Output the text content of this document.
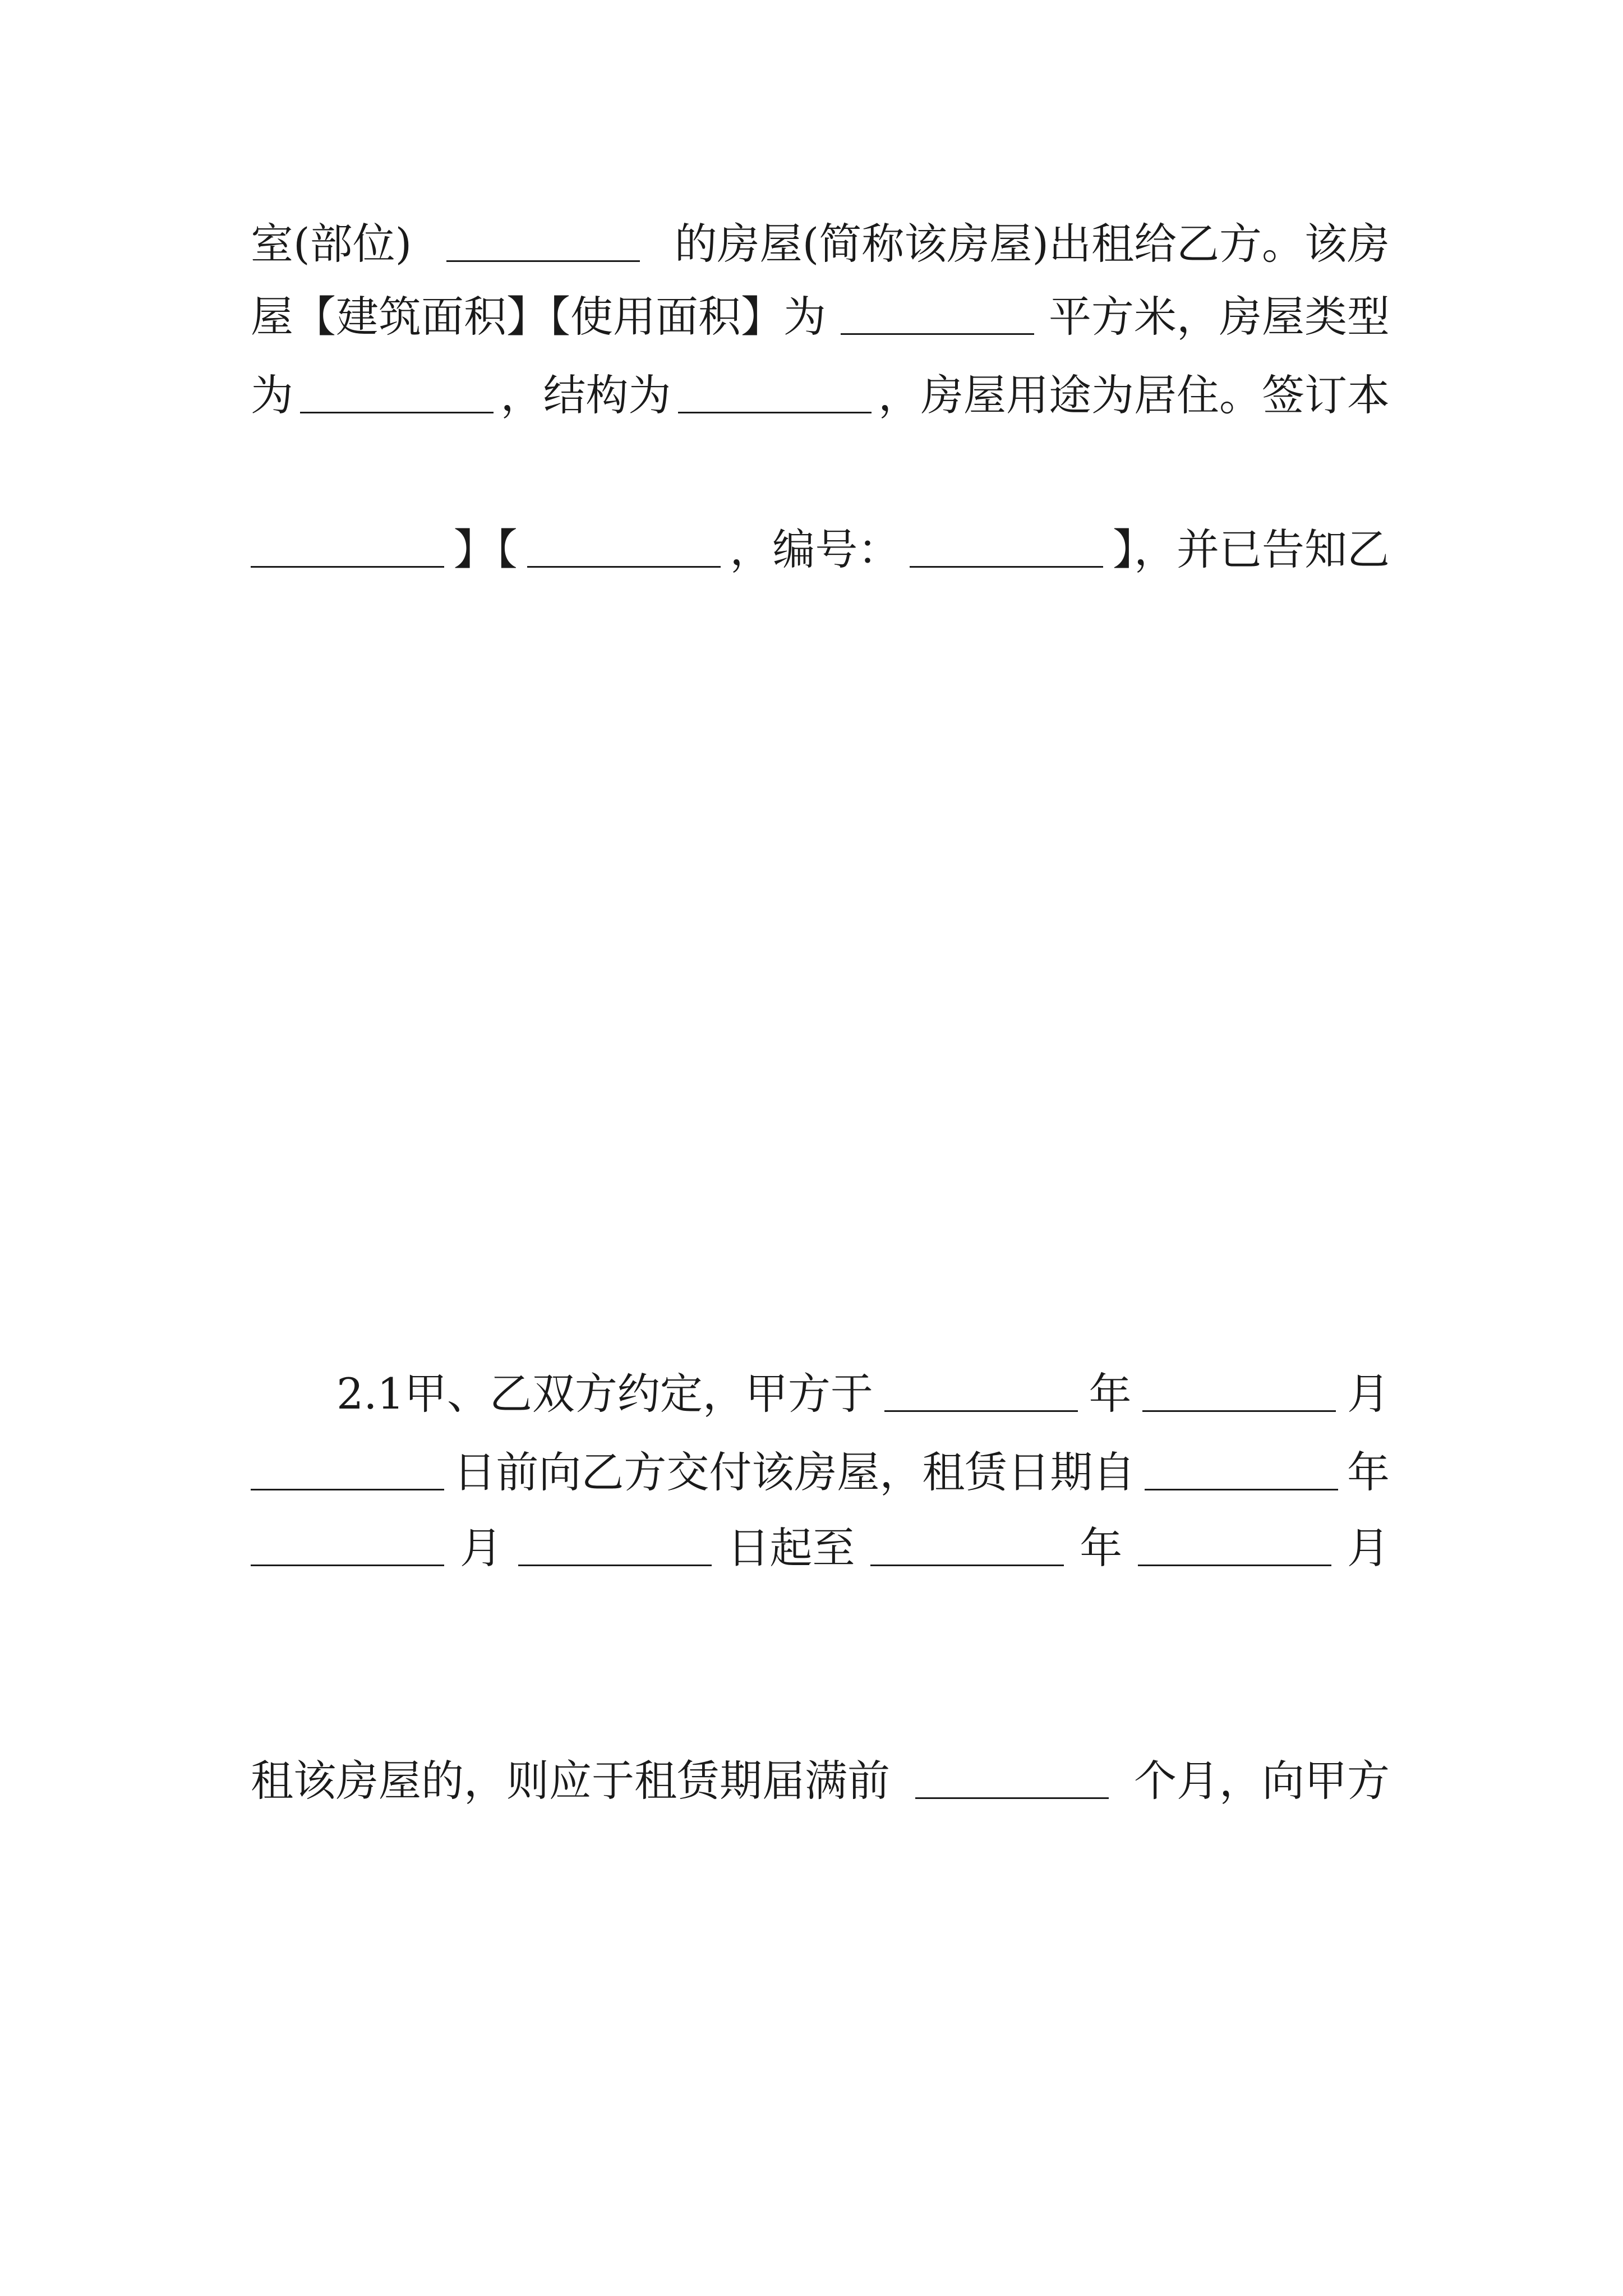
室(部位)	的房屋(简称该房屋)出租给乙方。该房
屋【建筑面积】【使用面积】为	平方米，房屋类型
为	，结构为	，房屋用途为居住。签订本

】【	，编号：	】，并已告知乙

2.1甲、乙双方约定，甲方于	年	月
日前向乙方交付该房屋，租赁日期自	年
月	日起至	年	月

租该房屋的，则应于租赁期届满前	个月，向甲方
